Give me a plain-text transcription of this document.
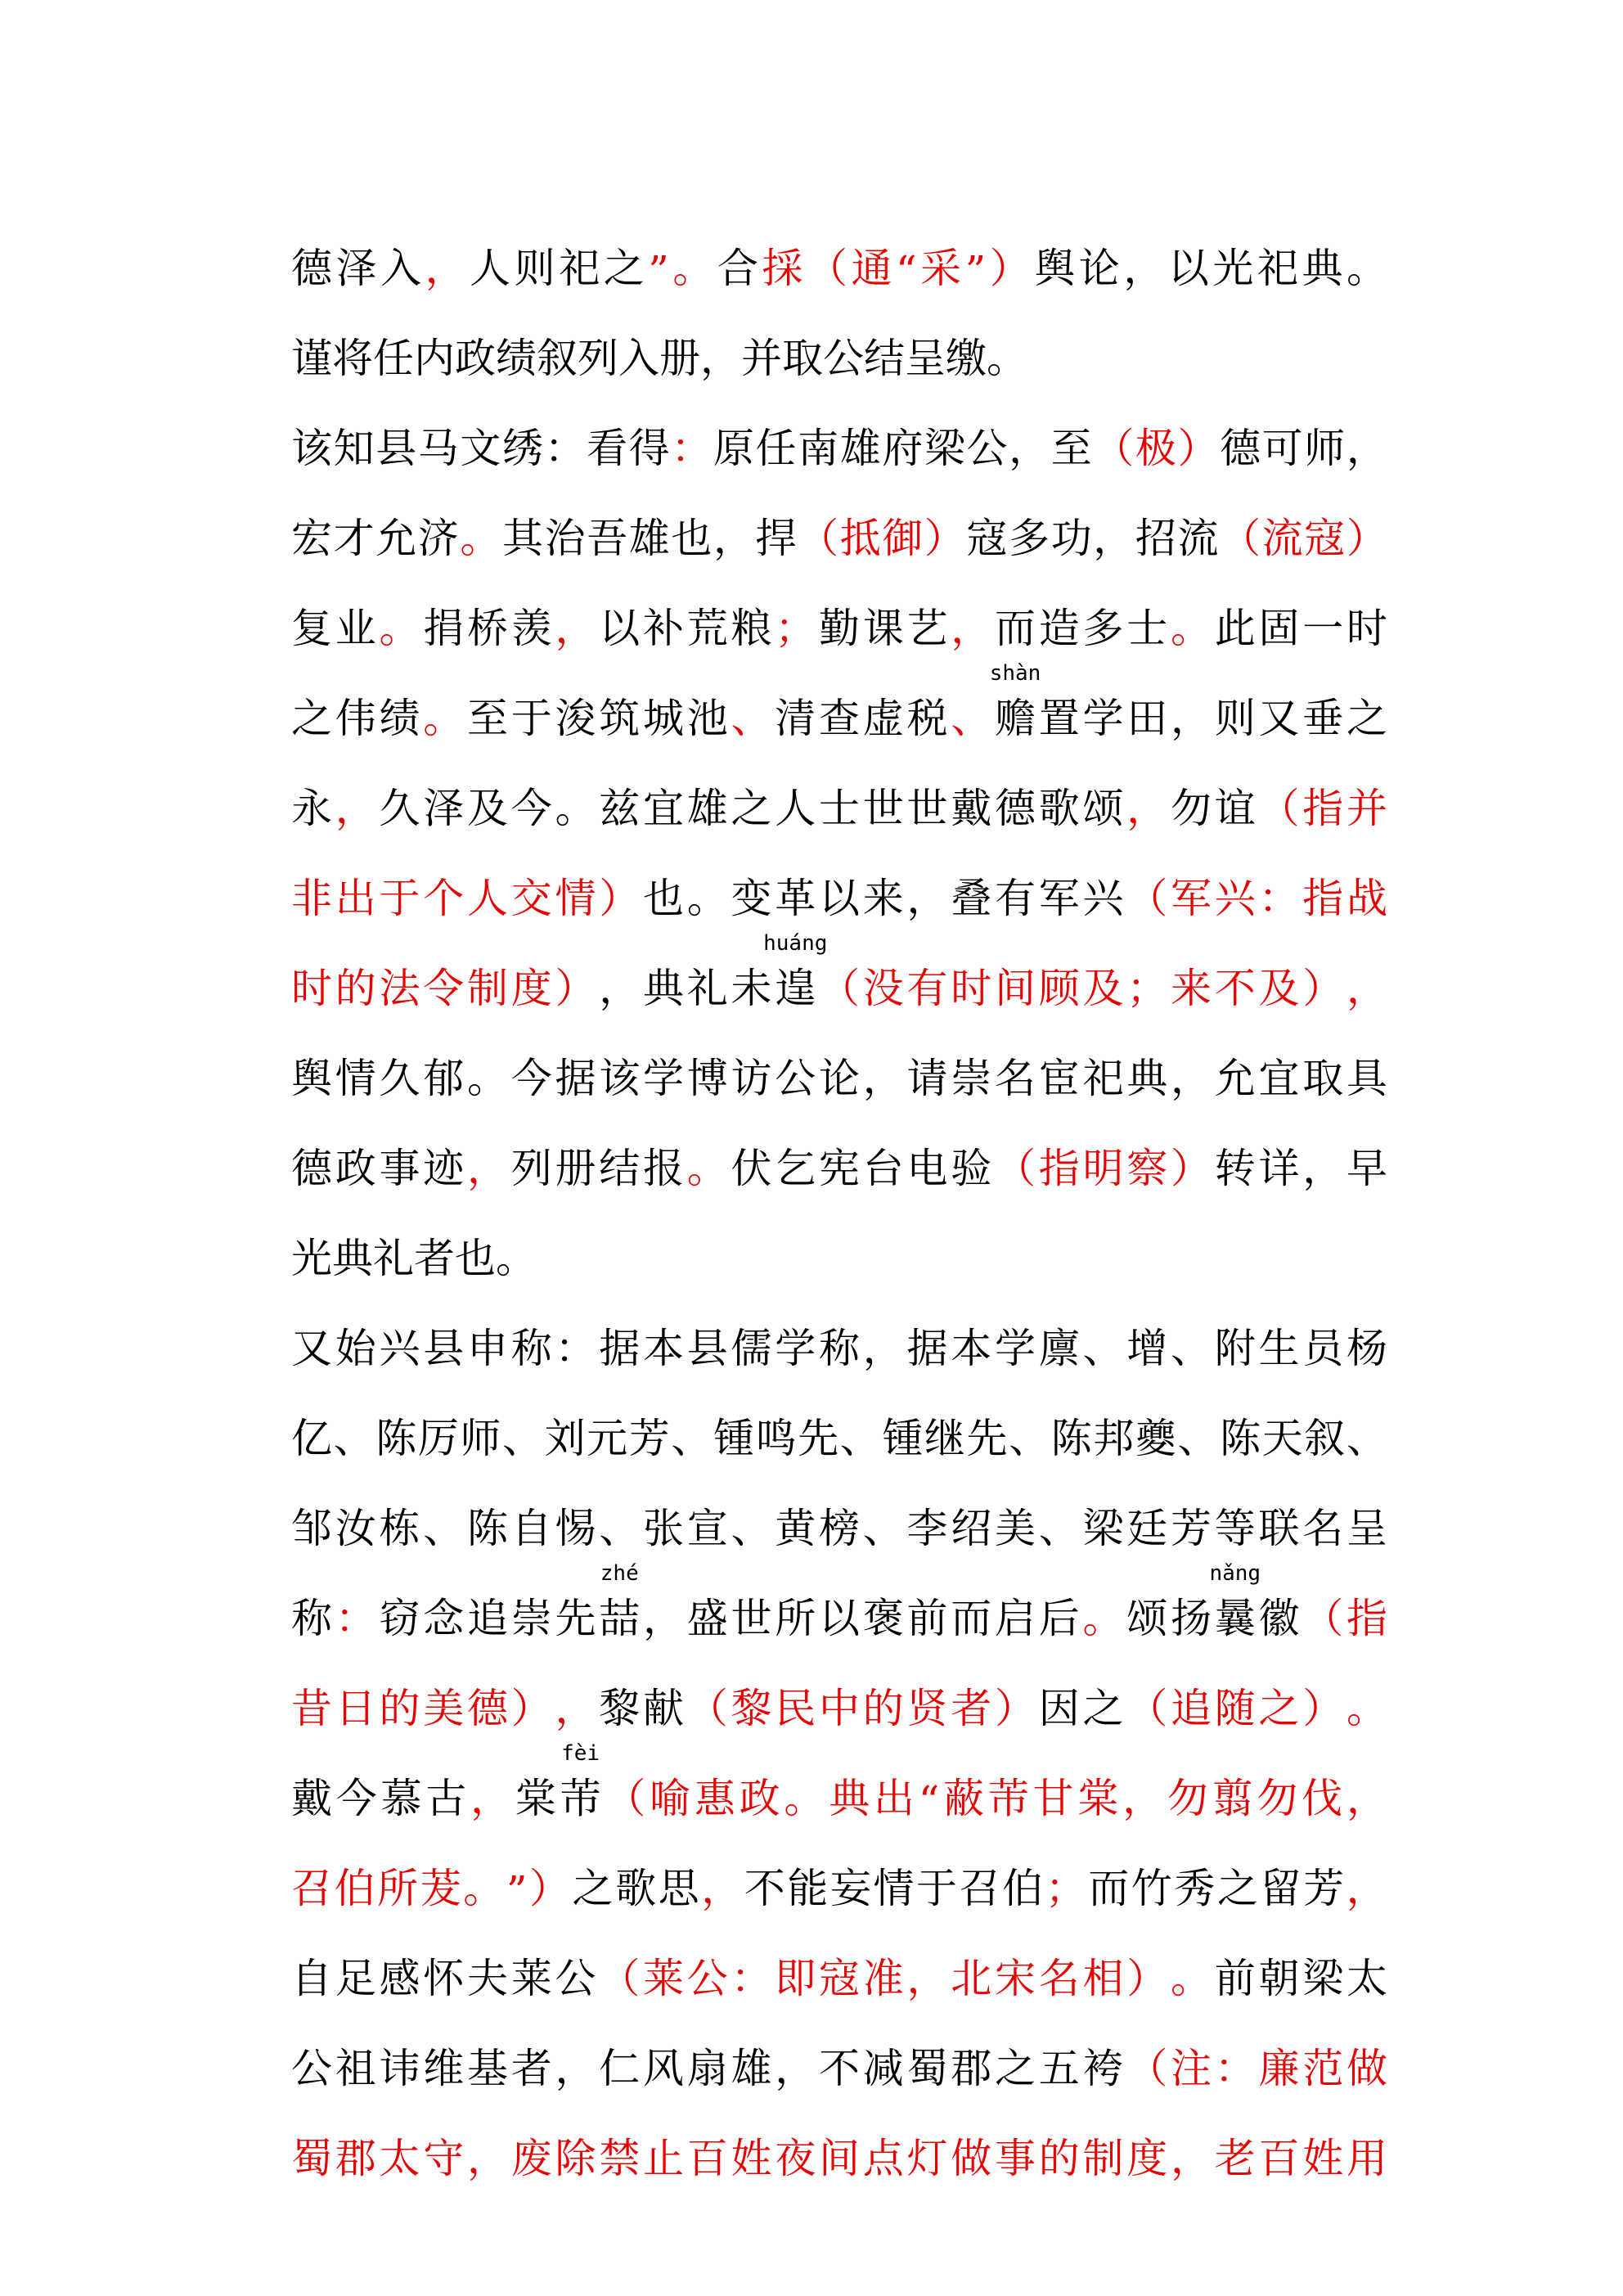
德 泽 入 ， 人 则 祀 之 ” 。 合 採 （ 通 “ 采 ” ） 舆 论 ， 以 光 祀 典 。
谨 将 任 内 政 绩 叙 列 入 册 ， 并 取 公 结 呈 缴 。
该 知 县 马 文 绣 ： 看 得 ： 原 任 南 雄 府 梁 公 ， 至 （ 极 ） 德 可 师 ，
宏 才 允 济 。 其 治 吾 雄 也 ， 捍 （ 抵 御 ） 寇 多 功 ， 招 流 （ 流 寇 ）
复 业 。 捐 桥 羡 ， 以 补 荒 粮 ； 勤 课 艺 ， 而 造 多 士 。 此 固 一 时
之 伟 绩 。 至 于 浚 筑 城 池 、 清 查 虚 税 、 赡
shàn
置 学 田 ， 则 又 垂 之
永 ， 久 泽 及 今 。 兹 宜 雄 之 人 士 世 世 戴 德 歌 颂 ， 勿 谊 （ 指 并
非 出 于 个 人 交 情 ） 也 。 变 革 以 来 ， 叠 有 军 兴 （ 军 兴 ： 指 战
时 的 法 令 制 度 ） ， 典 礼 未 遑
huáng
（ 没 有 时 间 顾 及 ； 来 不 及 ） ，
舆 情 久 郁 。 今 据 该 学 博 访 公 论 ， 请 崇 名 宦 祀 典 ， 允 宜 取 具
德 政 事 迹 ， 列 册 结 报 。 伏 乞 宪 台 电 验 （ 指 明 察 ） 转 详 ， 早
光 典 礼 者 也 。
又 始 兴 县 申 称 ： 据 本 县 儒 学 称 ， 据 本 学 廪 、 增 、 附 生 员 杨
亿 、 陈 厉 师 、 刘 元 芳 、 锺 鸣 先 、 锺 继 先 、 陈 邦 夔 、 陈 天 叙 、
邹 汝 栋 、 陈 自 惕 、 张 宣 、 黄 榜 、 李 绍 美 、 梁 廷 芳 等 联 名 呈
称 ： 窃 念 追 崇 先 喆
zhé
， 盛 世 所 以 褒 前 而 启 后 。 颂 扬 曩
nǎng
徽 （ 指
昔 日 的 美 德 ） ， 黎 献 （ 黎 民 中 的 贤 者 ） 因 之 （ 追 随 之 ） 。
戴 今 慕 古 ， 棠 芾
fèi
（ 喻 惠 政 。 典 出 “ 蔽 芾 甘 棠 ， 勿 翦 勿 伐 ，
召 伯 所 茇 。 ” ） 之 歌 思 ， 不 能 妄 情 于 召 伯 ； 而 竹 秀 之 留 芳 ，
自 足 感 怀 夫 莱 公 （ 莱 公 ： 即 寇 准 ， 北 宋 名 相 ） 。 前 朝 梁 太
公 祖 讳 维 基 者 ， 仁 风 扇 雄 ， 不 减 蜀 郡 之 五 袴 （ 注 ： 廉 范 做
蜀 郡 太 守 ， 废 除 禁 止 百 姓 夜 间 点 灯 做 事 的 制 度 ， 老 百 姓 用
